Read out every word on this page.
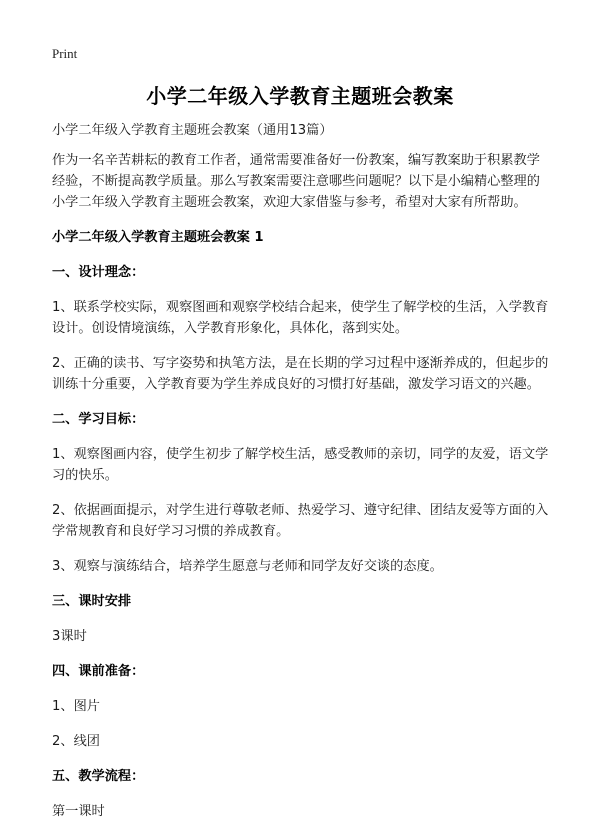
Print
小学二年级入学教育主题班会教案
小学二年级入学教育主题班会教案（通用13篇）
作为一名辛苦耕耘的教育工作者，通常需要准备好一份教案，编写教案助于积累教学经验，不断提高教学质量。那么写教案需要注意哪些问题呢？以下是小编精心整理的小学二年级入学教育主题班会教案，欢迎大家借鉴与参考，希望对大家有所帮助。
小学二年级入学教育主题班会教案 1
一、设计理念：
1、联系学校实际，观察图画和观察学校结合起来，使学生了解学校的生活，入学教育设计。创设情境演练，入学教育形象化，具体化，落到实处。
2、正确的读书、写字姿势和执笔方法，是在长期的学习过程中逐渐养成的，但起步的训练十分重要，入学教育要为学生养成良好的习惯打好基础，激发学习语文的兴趣。
二、学习目标：
1、观察图画内容，使学生初步了解学校生活，感受教师的亲切，同学的友爱，语文学习的快乐。
2、依据画面提示，对学生进行尊敬老师、热爱学习、遵守纪律、团结友爱等方面的入学常规教育和良好学习习惯的养成教育。
3、观察与演练结合，培养学生愿意与老师和同学友好交谈的态度。
三、课时安排
3课时
四、课前准备：
1、图片
2、线团
五、教学流程：
第一课时
